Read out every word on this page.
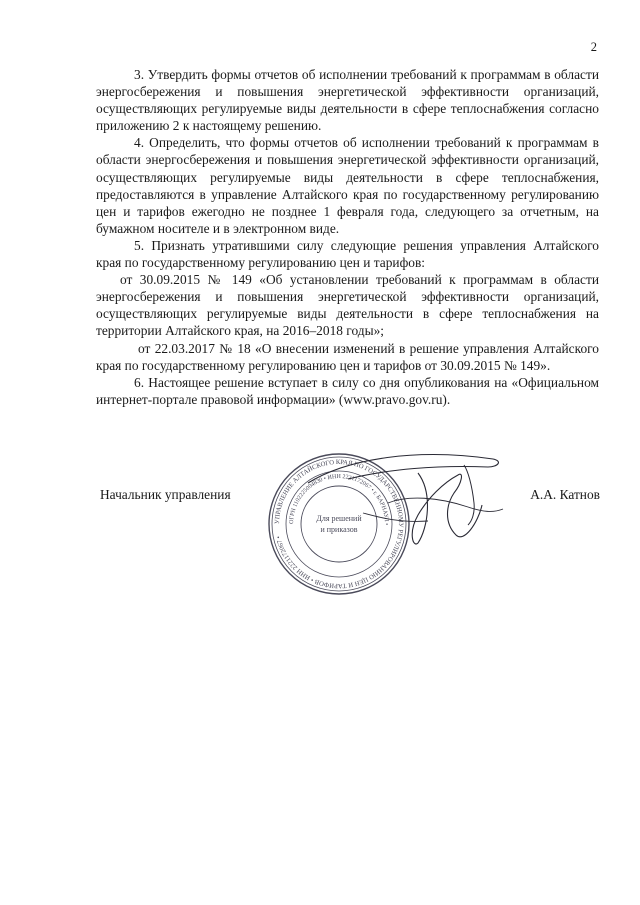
2

3. Утвердить формы отчетов об исполнении требований к программам в области энергосбережения и повышения энергетической эффективности организаций, осуществляющих регулируемые виды деятельности в сфере теплоснабжения согласно приложению 2 к настоящему решению.

4. Определить, что формы отчетов об исполнении требований к программам в области энергосбережения и повышения энергетической эффективности организаций, осуществляющих регулируемые виды деятельности в сфере теплоснабжения, предоставляются в управление Алтайского края по государственному регулированию цен и тарифов ежегодно не позднее 1 февраля года, следующего за отчетным, на бумажном носителе и в электронном виде.

5. Признать утратившими силу следующие решения управления Алтайского края по государственному регулированию цен и тарифов:

от 30.09.2015 № 149 «Об установлении требований к программам в области энергосбережения и повышения энергетической эффективности организаций, осуществляющих регулируемые виды деятельности в сфере теплоснабжения на территории Алтайского края, на 2016–2018 годы»;

от 22.03.2017 № 18 «О внесении изменений в решение управления Алтайского края по государственному регулированию цен и тарифов от 30.09.2015 № 149».

6. Настоящее решение вступает в силу со дня опубликования на «Официальном интернет-портале правовой информации» (www.pravo.gov.ru).

Начальник управления
УПРАВЛЕНИЕ АЛТАЙСКОГО КРАЯ ПО ГОСУДАРСТВЕННОМУ РЕГУЛИРОВАНИЮ ЦЕН И ТАРИФОВ • ИНН 2221172067 •
ОГРН 1102225004830 • ИНН 2221172067 • г. БАРНАУЛ •
Для решений
и приказов
А.А. Катнов
